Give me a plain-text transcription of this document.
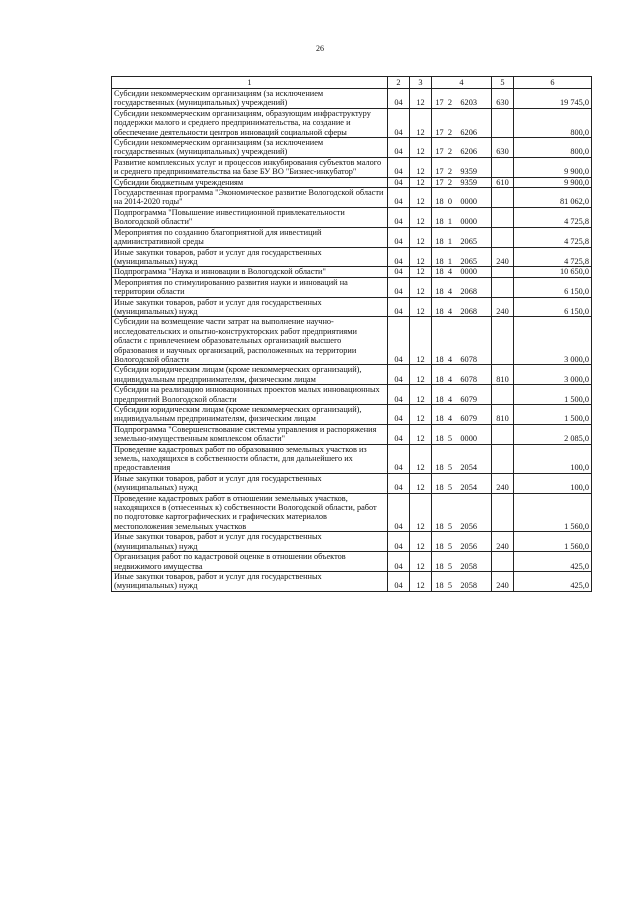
26
1	2	3	4	5	6
Субсидии некоммерческим организациям (за исключением государственных (муниципальных) учреждений)	04	12	17 2 6203	630	19 745,0
Субсидии некоммерческим организациям, образующим инфраструктуру поддержки малого и среднего предпринимательства, на создание и обеспечение деятельности центров инноваций социальной сферы	04	12	17 2 6206		800,0
Субсидии некоммерческим организациям (за исключением государственных (муниципальных) учреждений)	04	12	17 2 6206	630	800,0
Развитие комплексных услуг и процессов инкубирования субъектов малого и среднего предпринимательства на базе БУ ВО "Бизнес-инкубатор"	04	12	17 2 9359		9 900,0
Субсидии бюджетным учреждениям	04	12	17 2 9359	610	9 900,0
Государственная программа "Экономическое развитие Вологодской области на 2014-2020 годы"	04	12	18 0 0000		81 062,0
Подпрограмма "Повышение инвестиционной привлекательности Вологодской области"	04	12	18 1 0000		4 725,8
Мероприятия по созданию благоприятной для инвестиций административной среды	04	12	18 1 2065		4 725,8
Иные закупки товаров, работ и услуг для государственных (муниципальных) нужд	04	12	18 1 2065	240	4 725,8
Подпрограмма "Наука и инновации в Вологодской области"	04	12	18 4 0000		10 650,0
Мероприятия по стимулированию развития науки и инноваций на территории области	04	12	18 4 2068		6 150,0
Иные закупки товаров, работ и услуг для государственных (муниципальных) нужд	04	12	18 4 2068	240	6 150,0
Субсидии на возмещение части затрат на выполнение научно-исследовательских и опытно-конструкторских работ предприятиями области с привлечением образовательных организаций высшего образования и научных организаций, расположенных на территории Вологодской области	04	12	18 4 6078		3 000,0
Субсидии юридическим лицам (кроме некоммерческих организаций), индивидуальным предпринимателям, физическим лицам	04	12	18 4 6078	810	3 000,0
Субсидии на реализацию инновационных проектов малых инновационных предприятий Вологодской области	04	12	18 4 6079		1 500,0
Субсидии юридическим лицам (кроме некоммерческих организаций), индивидуальным предпринимателям, физическим лицам	04	12	18 4 6079	810	1 500,0
Подпрограмма "Совершенствование системы управления и распоряжения земельно-имущественным комплексом области"	04	12	18 5 0000		2 085,0
Проведение кадастровых работ по образованию земельных участков из земель, находящихся в собственности области, для дальнейшего их предоставления	04	12	18 5 2054		100,0
Иные закупки товаров, работ и услуг для государственных (муниципальных) нужд	04	12	18 5 2054	240	100,0
Проведение кадастровых работ в отношении земельных участков, находящихся в (отнесенных к) собственности Вологодской области, работ по подготовке картографических и графических материалов местоположения земельных участков	04	12	18 5 2056		1 560,0
Иные закупки товаров, работ и услуг для государственных (муниципальных) нужд	04	12	18 5 2056	240	1 560,0
Организация работ по кадастровой оценке в отношении объектов недвижимого имущества	04	12	18 5 2058		425,0
Иные закупки товаров, работ и услуг для государственных (муниципальных) нужд	04	12	18 5 2058	240	425,0
